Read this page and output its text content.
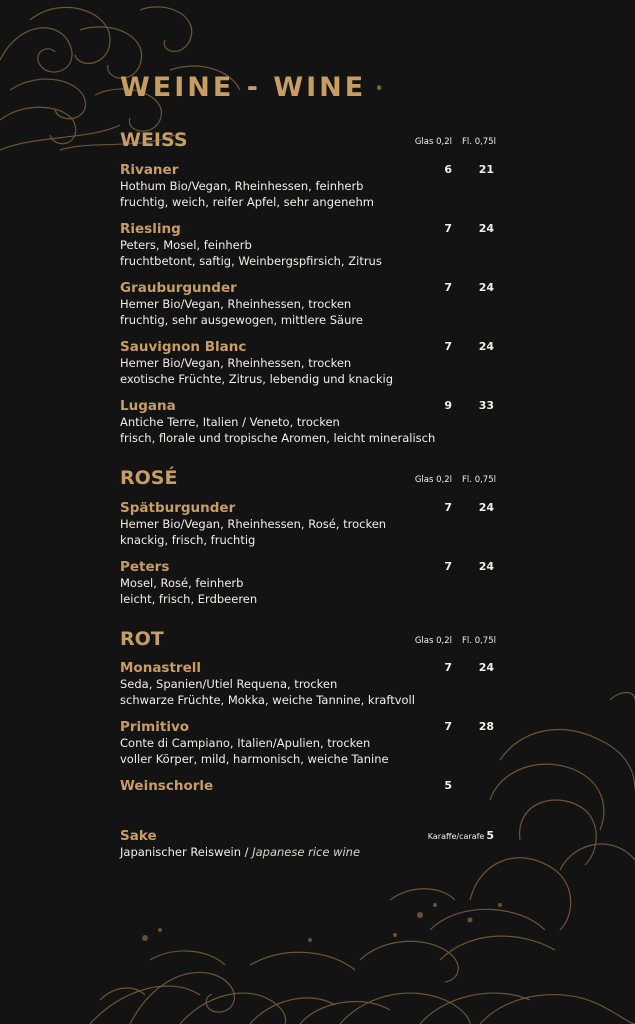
WEINE - WINE ®
WEISS	Glas 0,2l Fl. 0,75l
Rivaner
Hothum Bio/Vegan, Rheinhessen, feinherb
fruchtig, weich, reifer Apfel, sehr angenehm
6 21
Riesling
Peters, Mosel, feinherb
fruchtbetont, saftig, Weinbergspfirsich, Zitrus
7 24
Grauburgunder
Hemer Bio/Vegan, Rheinhessen, trocken
fruchtig, sehr ausgewogen, mittlere Säure
7 24
Sauvignon Blanc
Hemer Bio/Vegan, Rheinhessen, trocken
exotische Früchte, Zitrus, lebendig und knackig
7 24
Lugana
Antiche Terre, Italien / Veneto, trocken
frisch, florale und tropische Aromen, leicht mineralisch
9 33
ROSÉ	Glas 0,2l Fl. 0,75l
Spätburgunder
Hemer Bio/Vegan, Rheinhessen, Rosé, trocken
knackig, frisch, fruchtig
7 24
Peters
Mosel, Rosé, feinherb
leicht, frisch, Erdbeeren
7 24
ROT	Glas 0,2l Fl. 0,75l
Monastrell
Seda, Spanien/Utiel Requena, trocken
schwarze Früchte, Mokka, weiche Tannine, kraftvoll
7 24
Primitivo
Conte di Campiano, Italien/Apulien, trocken
voller Körper, mild, harmonisch, weiche Tanine
7 28
Weinschorle	5
Sake
Japanischer Reiswein / Japanese rice wine
Karaffe/carafe 5
